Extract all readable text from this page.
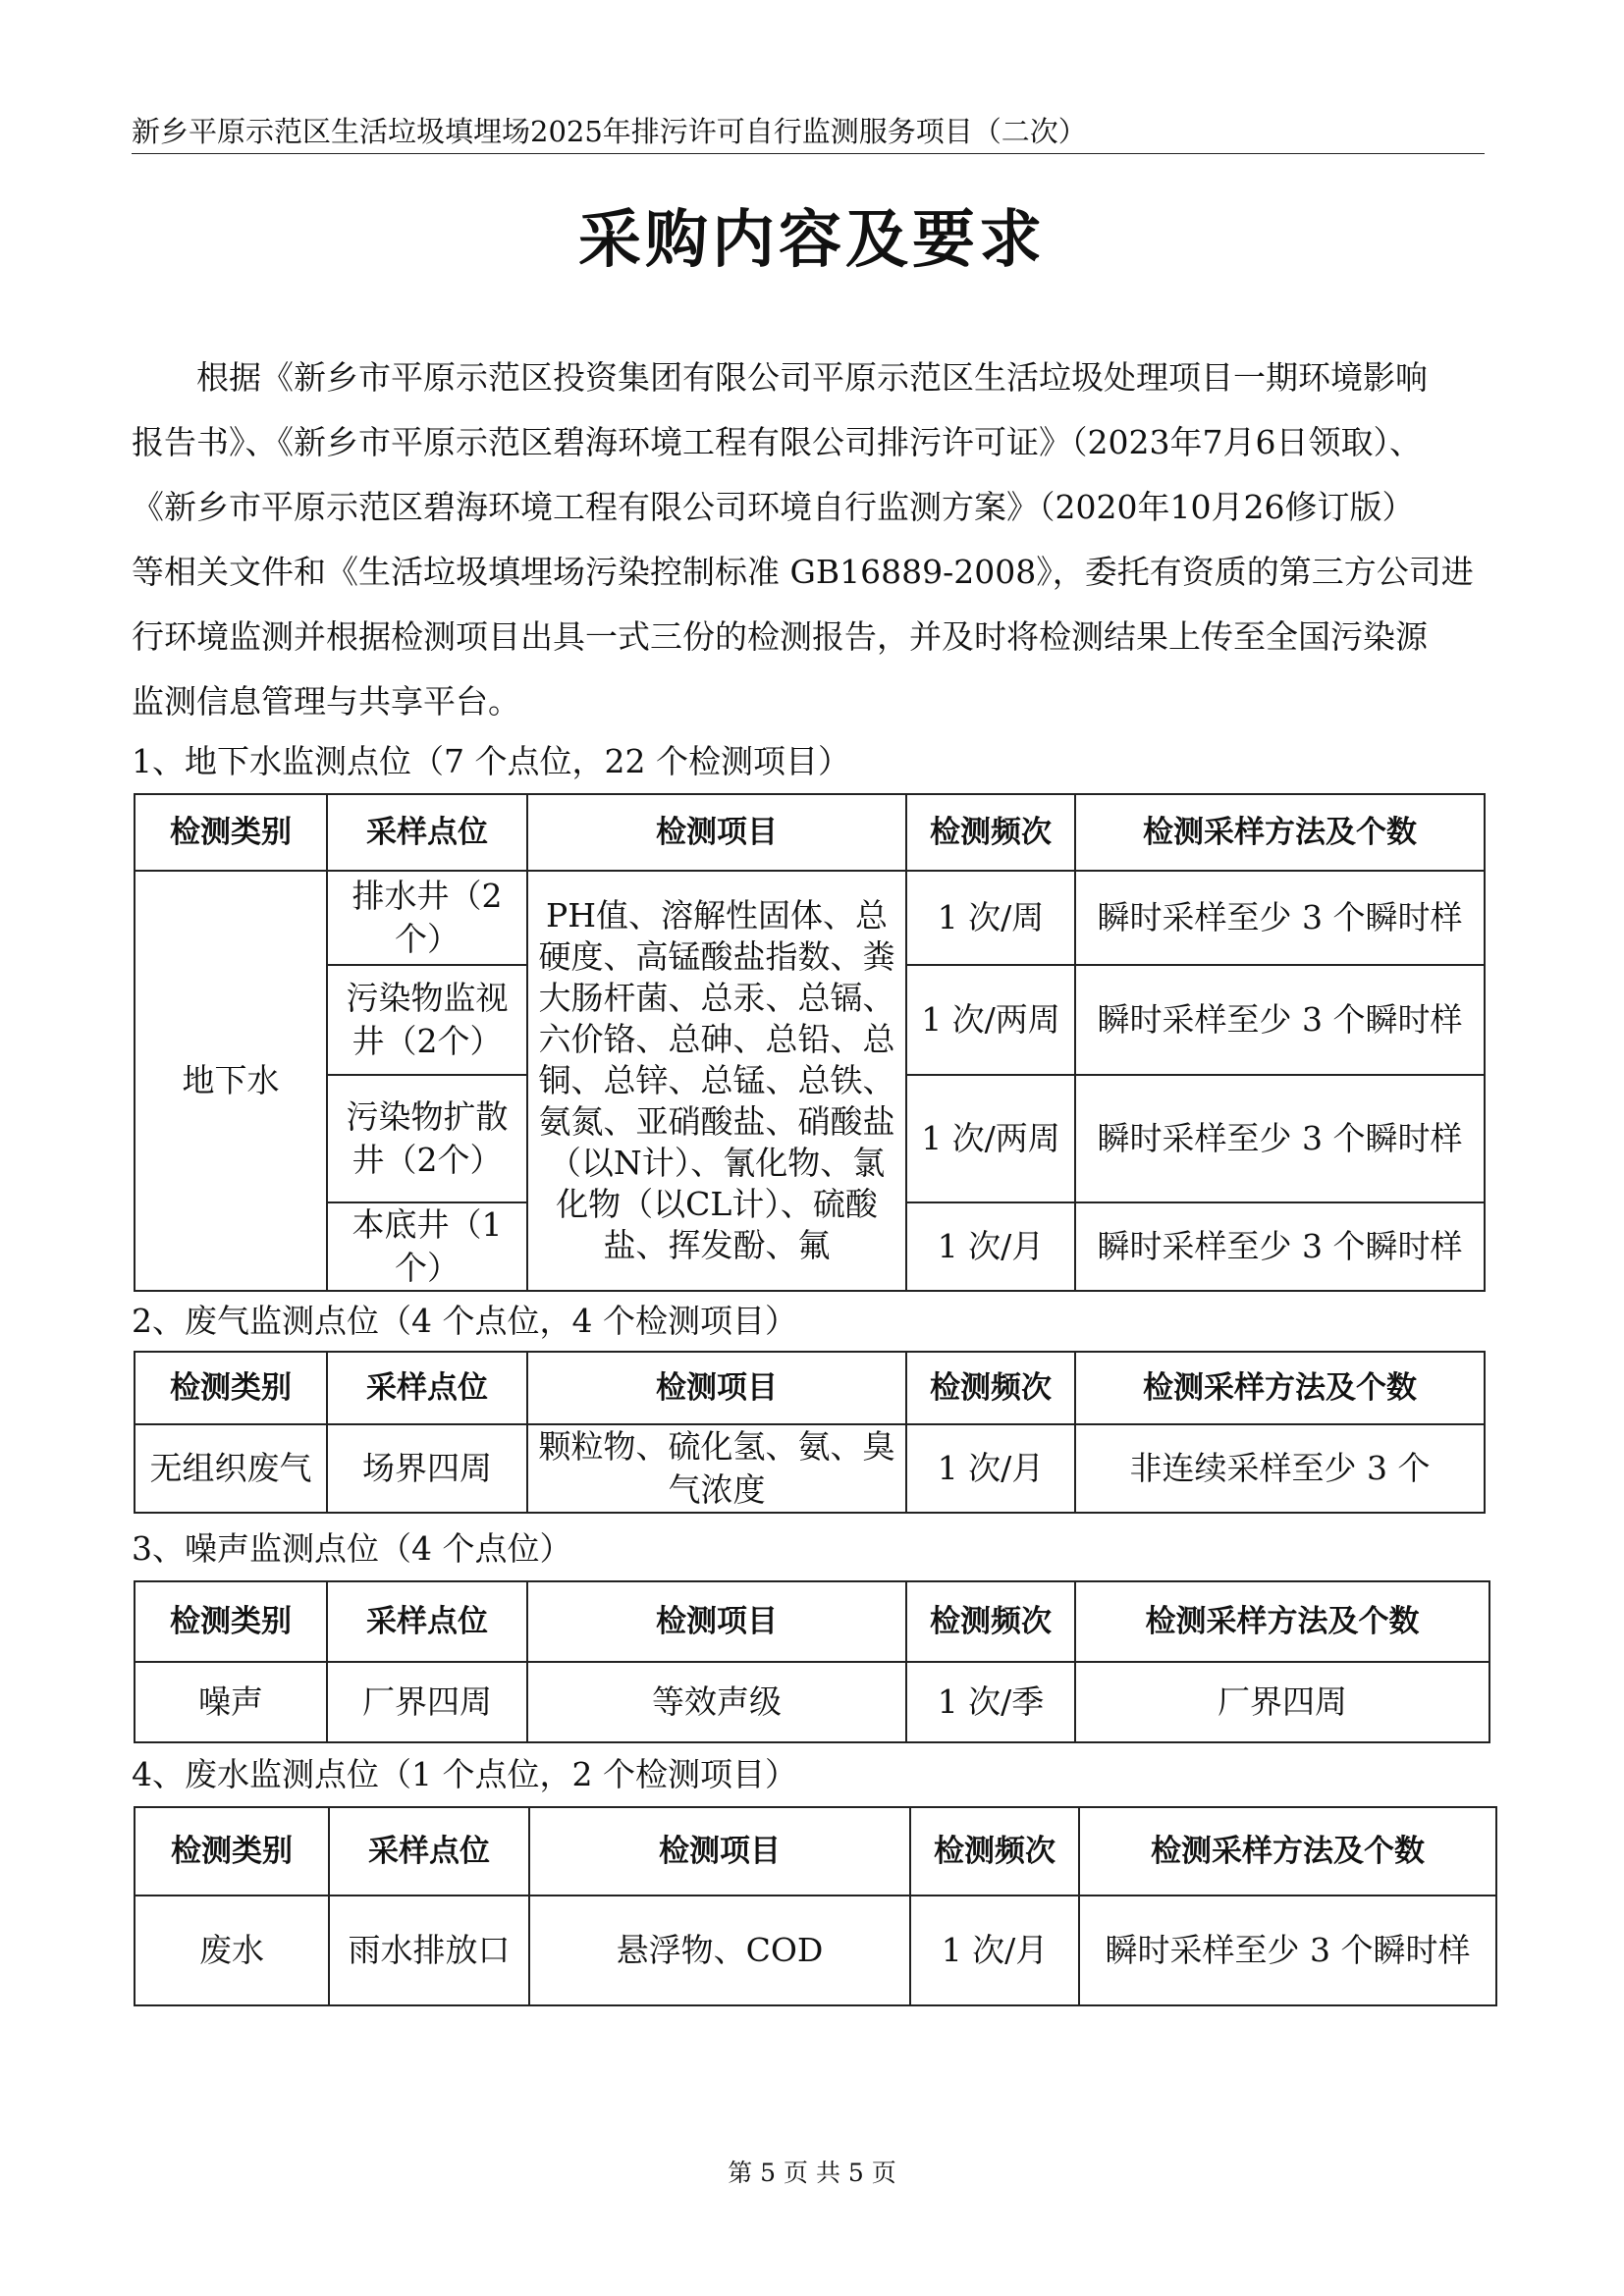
新乡平原示范区生活垃圾填埋场2025年排污许可自行监测服务项目（二次）
采购内容及要求
根据《新乡市平原示范区投资集团有限公司平原示范区生活垃圾处理项目一期环境影响
报告书》、《新乡市平原示范区碧海环境工程有限公司排污许可证》（2023年7月6日领取）、
《新乡市平原示范区碧海环境工程有限公司环境自行监测方案》（2020年10月26修订版）
等相关文件和《生活垃圾填埋场污染控制标准 GB16889-2008》，委托有资质的第三方公司进
行环境监测并根据检测项目出具一式三份的检测报告，并及时将检测结果上传至全国污染源
监测信息管理与共享平台。
1、地下水监测点位（7 个点位，22 个检测项目）
检测类别	采样点位	检测项目	检测频次	检测采样方法及个数
地下水	排水井（2个）	PH值、溶解性固体、总硬度、高锰酸盐指数、粪大肠杆菌、总汞、总镉、六价铬、总砷、总铅、总铜、总锌、总锰、总铁、氨氮、亚硝酸盐、硝酸盐（以N计）、氰化物、氯化物（以CL计）、硫酸盐、挥发酚、氟	1 次/周	瞬时采样至少 3 个瞬时样
	污染物监视井（2个）		1 次/两周	瞬时采样至少 3 个瞬时样
	污染物扩散井（2个）		1 次/两周	瞬时采样至少 3 个瞬时样
	本底井（1个）		1 次/月	瞬时采样至少 3 个瞬时样
2、废气监测点位（4 个点位，4 个检测项目）
检测类别	采样点位	检测项目	检测频次	检测采样方法及个数
无组织废气	场界四周	颗粒物、硫化氢、氨、臭气浓度	1 次/月	非连续采样至少 3 个
3、噪声监测点位（4 个点位）
检测类别	采样点位	检测项目	检测频次	检测采样方法及个数
噪声	厂界四周	等效声级	1 次/季	厂界四周
4、废水监测点位（1 个点位，2 个检测项目）
检测类别	采样点位	检测项目	检测频次	检测采样方法及个数
废水	雨水排放口	悬浮物、COD	1 次/月	瞬时采样至少 3 个瞬时样
第 5 页 共 5 页
